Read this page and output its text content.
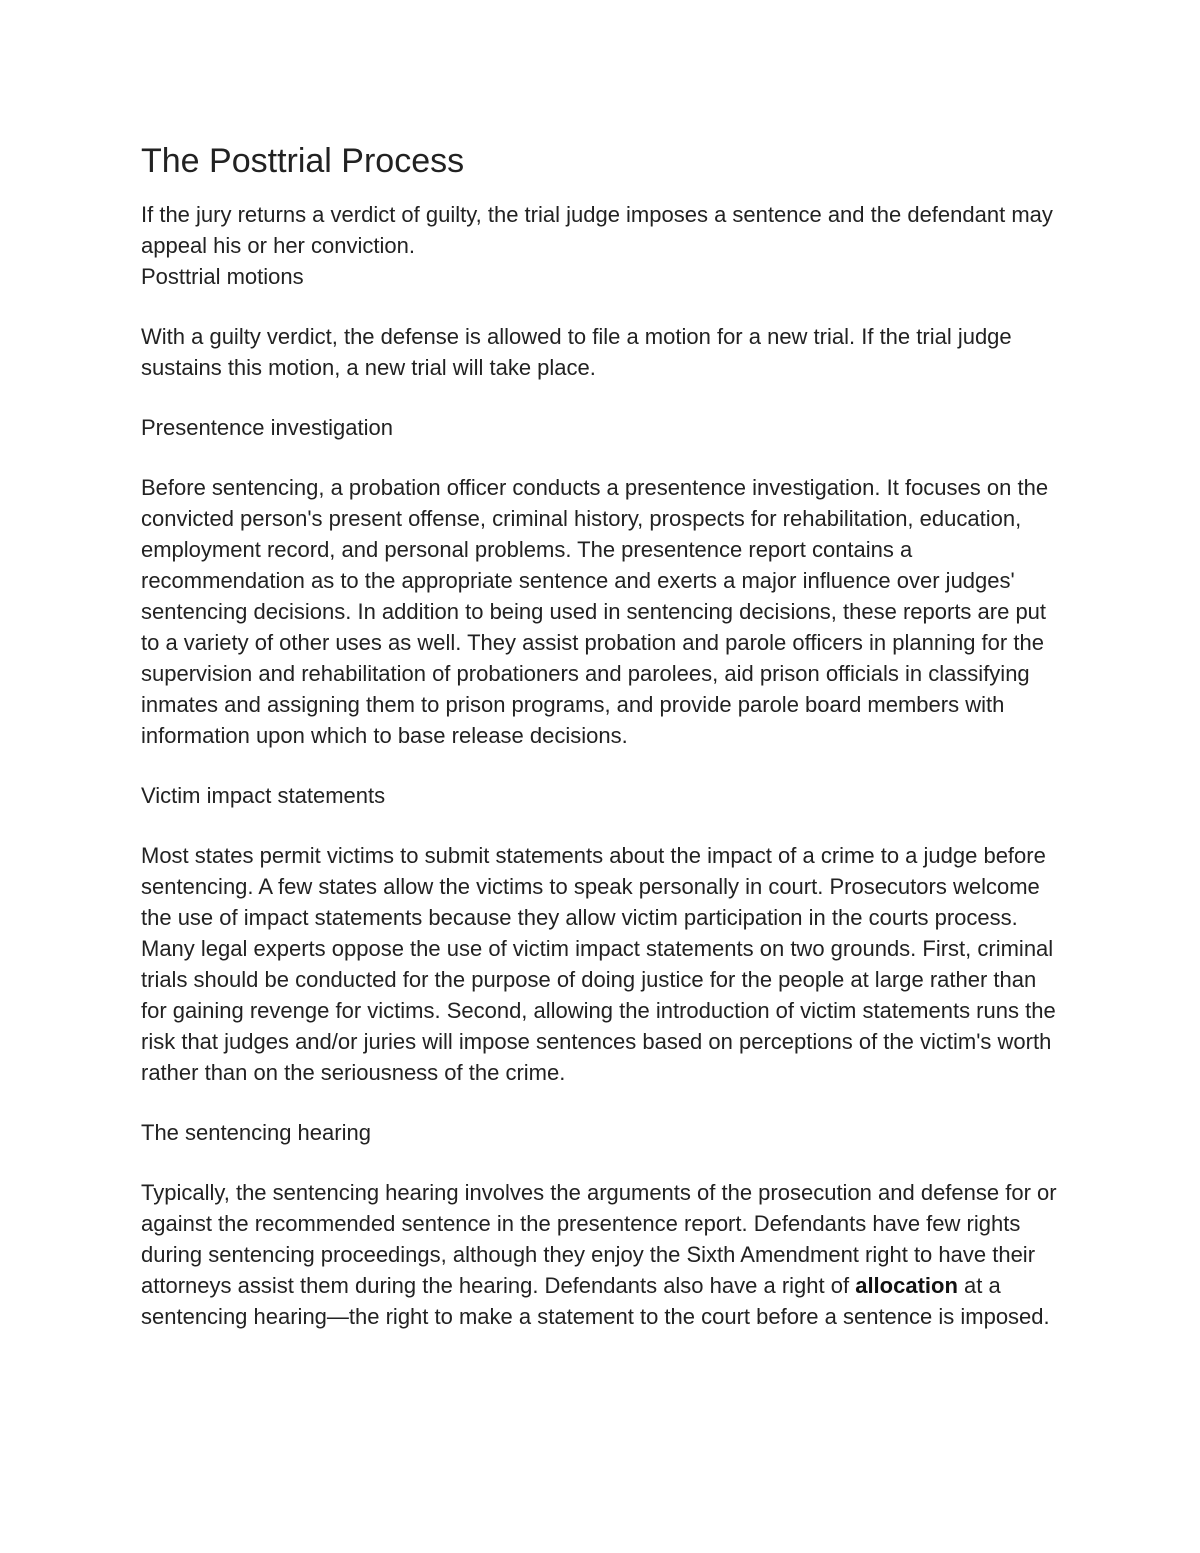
The Posttrial Process

If the jury returns a verdict of guilty, the trial judge imposes a sentence and the defendant may appeal his or her conviction.

Posttrial motions

With a guilty verdict, the defense is allowed to file a motion for a new trial. If the trial judge sustains this motion, a new trial will take place.

Presentence investigation

Before sentencing, a probation officer conducts a presentence investigation. It focuses on the convicted person's present offense, criminal history, prospects for rehabilitation, education, employment record, and personal problems. The presentence report contains a recommendation as to the appropriate sentence and exerts a major influence over judges' sentencing decisions. In addition to being used in sentencing decisions, these reports are put to a variety of other uses as well. They assist probation and parole officers in planning for the supervision and rehabilitation of probationers and parolees, aid prison officials in classifying inmates and assigning them to prison programs, and provide parole board members with information upon which to base release decisions.

Victim impact statements

Most states permit victims to submit statements about the impact of a crime to a judge before sentencing. A few states allow the victims to speak personally in court. Prosecutors welcome the use of impact statements because they allow victim participation in the courts process. Many legal experts oppose the use of victim impact statements on two grounds. First, criminal trials should be conducted for the purpose of doing justice for the people at large rather than for gaining revenge for victims. Second, allowing the introduction of victim statements runs the risk that judges and/or juries will impose sentences based on perceptions of the victim's worth rather than on the seriousness of the crime.

The sentencing hearing

Typically, the sentencing hearing involves the arguments of the prosecution and defense for or against the recommended sentence in the presentence report. Defendants have few rights during sentencing proceedings, although they enjoy the Sixth Amendment right to have their attorneys assist them during the hearing. Defendants also have a right of allocation at a sentencing hearing—the right to make a statement to the court before a sentence is imposed.
